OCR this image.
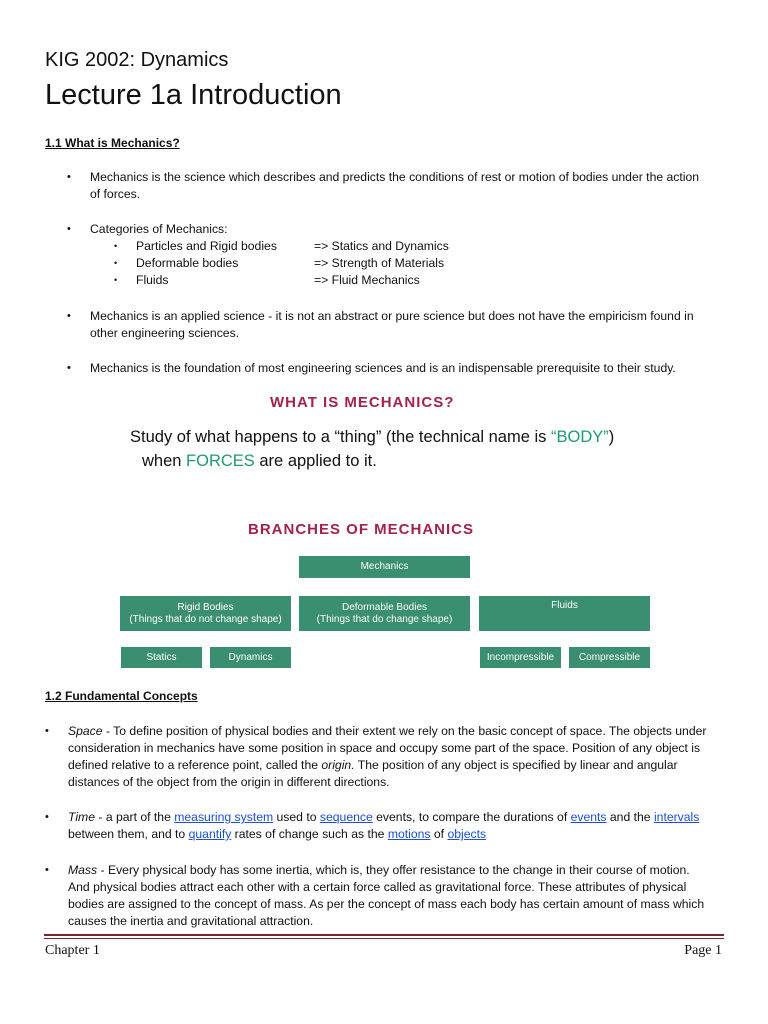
KIG 2002: Dynamics
Lecture 1a Introduction
1.1 What is Mechanics?
• Mechanics is the science which describes and predicts the conditions of rest or motion of bodies under the action
of forces.
• Categories of Mechanics:
• Particles and Rigid bodies	=> Statics and Dynamics
• Deformable bodies	=> Strength of Materials
• Fluids	=> Fluid Mechanics
• Mechanics is an applied science - it is not an abstract or pure science but does not have the empiricism found in
other engineering sciences.
• Mechanics is the foundation of most engineering sciences and is an indispensable prerequisite to their study.
WHAT IS MECHANICS?
Study of what happens to a “thing” (the technical name is “BODY”)
when FORCES are applied to it.
BRANCHES OF MECHANICS
Mechanics
Rigid Bodies
(Things that do not change shape)
Deformable Bodies
(Things that do change shape)
Fluids
Statics	Dynamics	Incompressible	Compressible
1.2 Fundamental Concepts
• Space - To define position of physical bodies and their extent we rely on the basic concept of space. The objects under
consideration in mechanics have some position in space and occupy some part of the space. Position of any object is
defined relative to a reference point, called the origin. The position of any object is specified by linear and angular
distances of the object from the origin in different directions.
• Time - a part of the measuring system used to sequence events, to compare the durations of events and the intervals
between them, and to quantify rates of change such as the motions of objects
• Mass - Every physical body has some inertia, which is, they offer resistance to the change in their course of motion.
And physical bodies attract each other with a certain force called as gravitational force. These attributes of physical
bodies are assigned to the concept of mass. As per the concept of mass each body has certain amount of mass which
causes the inertia and gravitational attraction.
Chapter 1	Page 1
